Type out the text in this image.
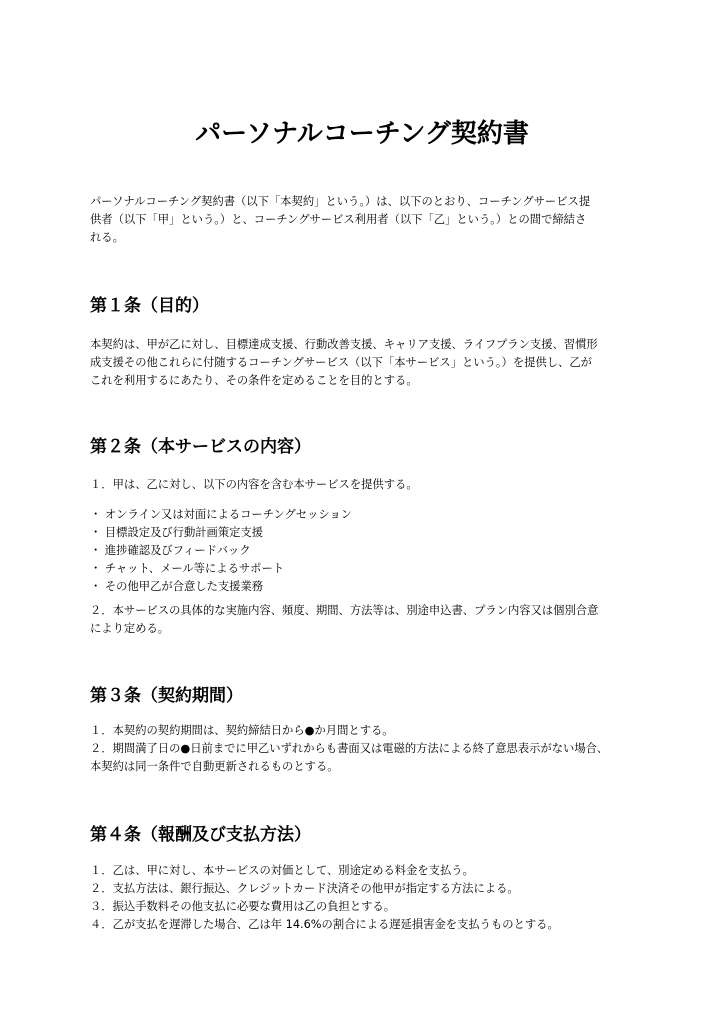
パーソナルコーチング契約書
パーソナルコーチング契約書（以下「本契約」という。）は、以下のとおり、コーチングサービス提
供者（以下「甲」という。）と、コーチングサービス利用者（以下「乙」という。）との間で締結さ
れる。
第１条（目的）
本契約は、甲が乙に対し、目標達成支援、行動改善支援、キャリア支援、ライフプラン支援、習慣形
成支援その他これらに付随するコーチングサービス（以下「本サービス」という。）を提供し、乙が
これを利用するにあたり、その条件を定めることを目的とする。
第２条（本サービスの内容）
１．甲は、乙に対し、以下の内容を含む本サービスを提供する。
・ オンライン又は対面によるコーチングセッション
・ 目標設定及び行動計画策定支援
・ 進捗確認及びフィードバック
・ チャット、メール等によるサポート
・ その他甲乙が合意した支援業務
２．本サービスの具体的な実施内容、頻度、期間、方法等は、別途申込書、プラン内容又は個別合意
により定める。
第３条（契約期間）
１．本契約の契約期間は、契約締結日から●か月間とする。
２．期間満了日の●日前までに甲乙いずれからも書面又は電磁的方法による終了意思表示がない場合、
本契約は同一条件で自動更新されるものとする。
第４条（報酬及び支払方法）
１．乙は、甲に対し、本サービスの対価として、別途定める料金を支払う。
２．支払方法は、銀行振込、クレジットカード決済その他甲が指定する方法による。
３．振込手数料その他支払に必要な費用は乙の負担とする。
４．乙が支払を遅滞した場合、乙は年 14.6%の割合による遅延損害金を支払うものとする。
